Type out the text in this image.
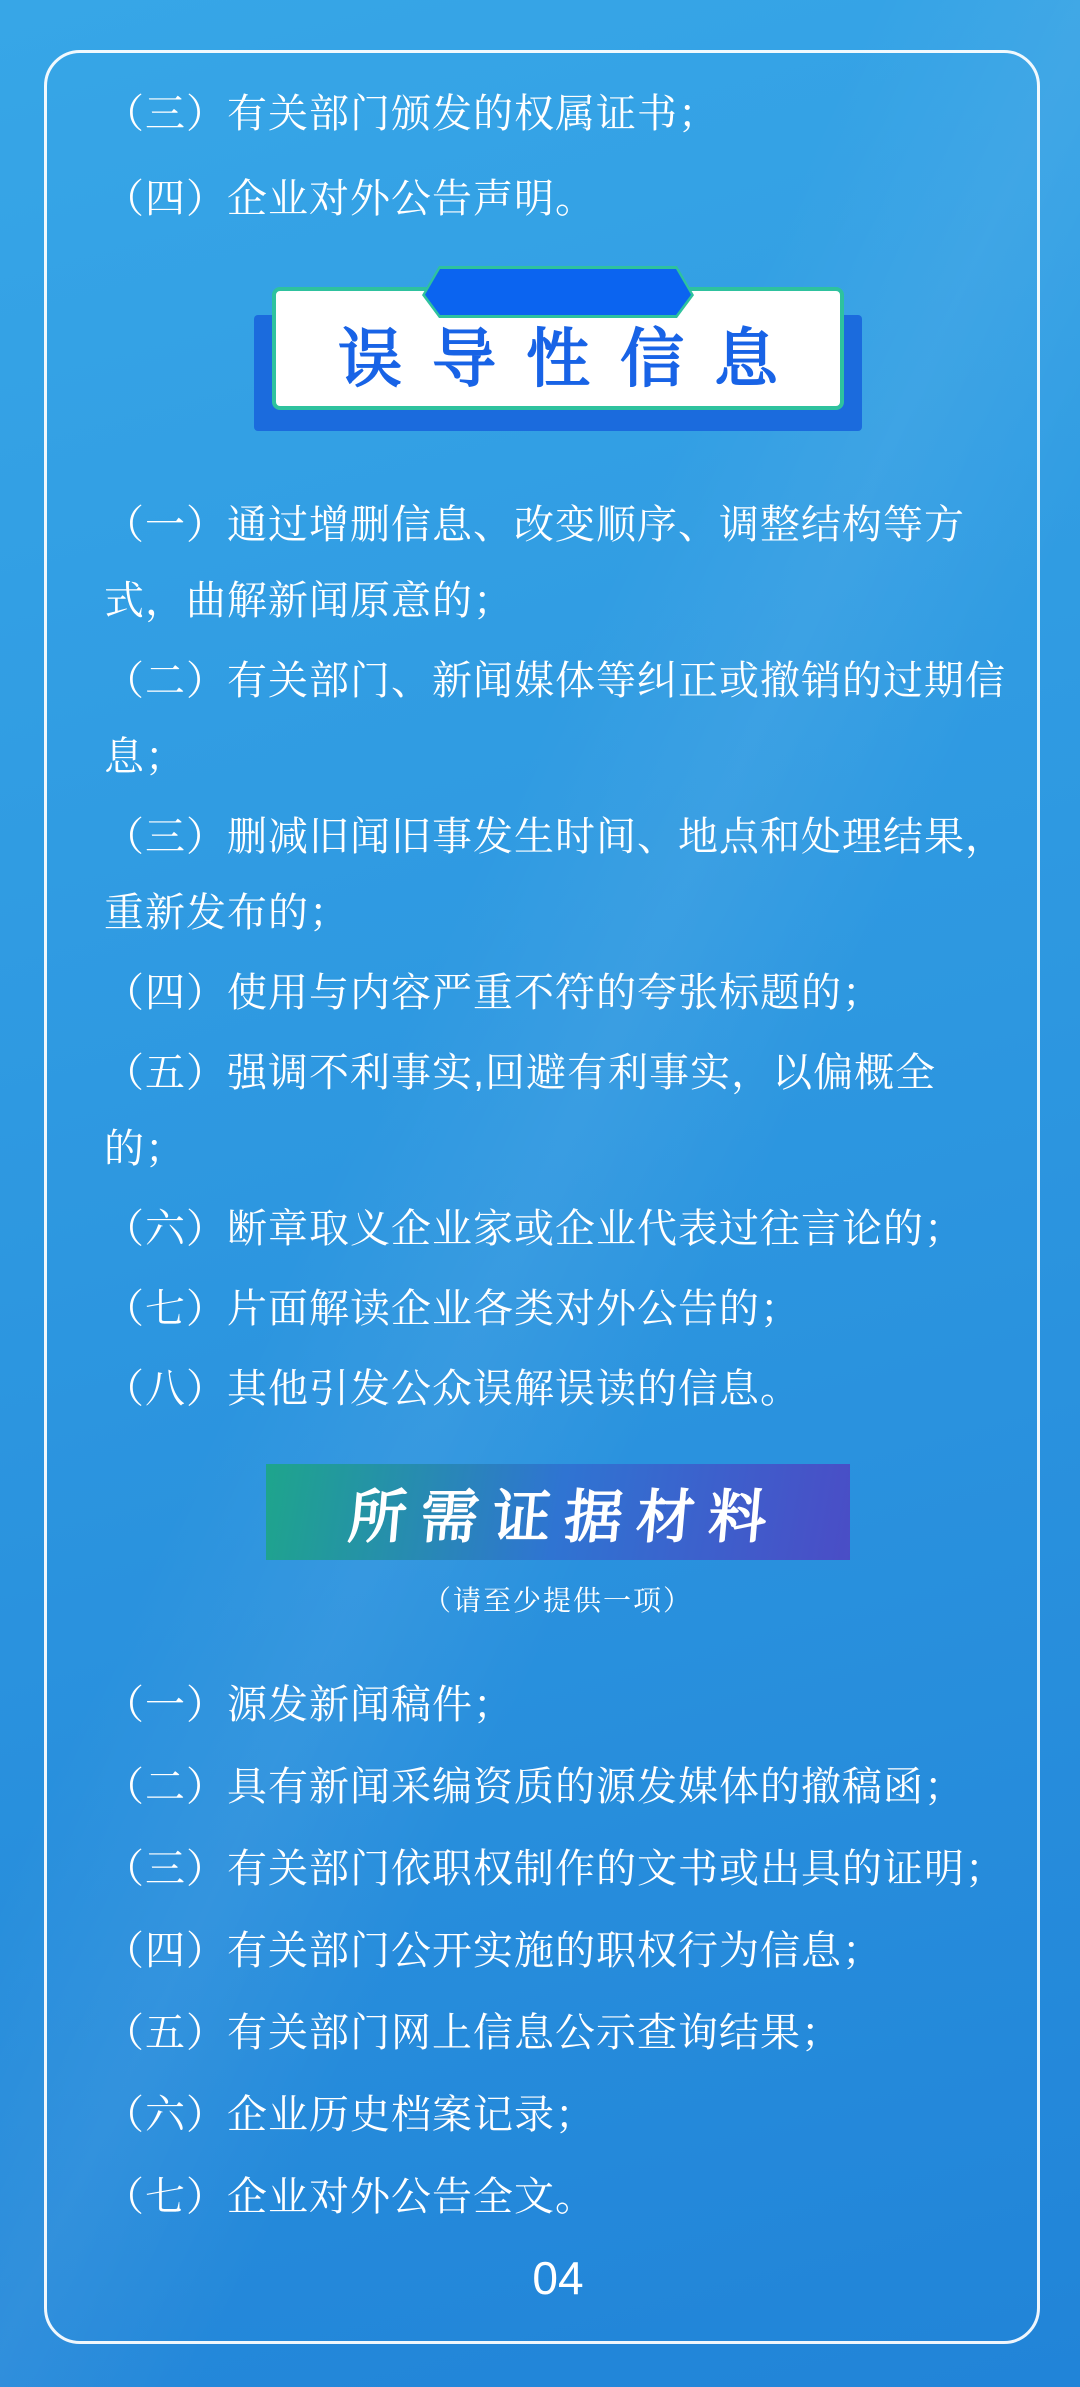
（三）有关部门颁发的权属证书；
（四）企业对外公告声明。
误导性信息
（一）通过增删信息、改变顺序、调整结构等方
式，曲解新闻原意的；
（二）有关部门、新闻媒体等纠正或撤销的过期信
息；
（三）删减旧闻旧事发生时间、地点和处理结果，
重新发布的；
（四）使用与内容严重不符的夸张标题的；
（五）强调不利事实,回避有利事实，以偏概全
的；
（六）断章取义企业家或企业代表过往言论的；
（七）片面解读企业各类对外公告的；
（八）其他引发公众误解误读的信息。
所需证据材料
（请至少提供一项）
（一）源发新闻稿件；
（二）具有新闻采编资质的源发媒体的撤稿函；
（三）有关部门依职权制作的文书或出具的证明；
（四）有关部门公开实施的职权行为信息；
（五）有关部门网上信息公示查询结果；
（六）企业历史档案记录；
（七）企业对外公告全文。
04
